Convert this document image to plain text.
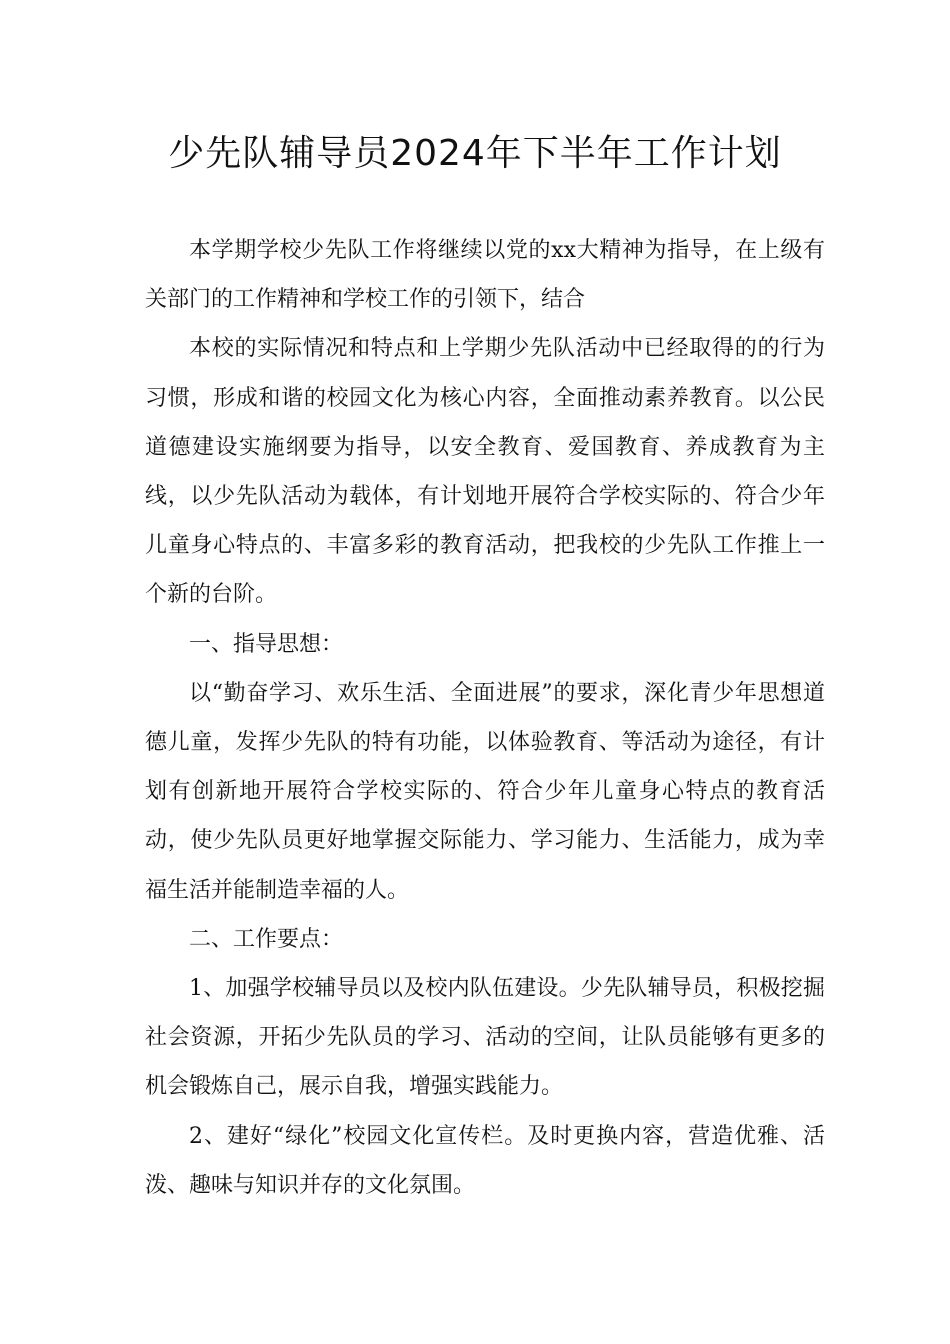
少先队辅导员2024年下半年工作计划

本学期学校少先队工作将继续以党的xx大精神为指导，在上级有关部门的工作精神和学校工作的引领下，结合

本校的实际情况和特点和上学期少先队活动中已经取得的的行为习惯，形成和谐的校园文化为核心内容，全面推动素养教育。以公民道德建设实施纲要为指导，以安全教育、爱国教育、养成教育为主线，以少先队活动为载体，有计划地开展符合学校实际的、符合少年儿童身心特点的、丰富多彩的教育活动，把我校的少先队工作推上一个新的台阶。

一、指导思想：

以“勤奋学习、欢乐生活、全面进展”的要求，深化青少年思想道德儿童，发挥少先队的特有功能，以体验教育、等活动为途径，有计划有创新地开展符合学校实际的、符合少年儿童身心特点的教育活动，使少先队员更好地掌握交际能力、学习能力、生活能力，成为幸福生活并能制造幸福的人。

二、工作要点：

1、加强学校辅导员以及校内队伍建设。少先队辅导员，积极挖掘社会资源，开拓少先队员的学习、活动的空间，让队员能够有更多的机会锻炼自己，展示自我，增强实践能力。

2、建好“绿化”校园文化宣传栏。及时更换内容，营造优雅、活泼、趣味与知识并存的文化氛围。
